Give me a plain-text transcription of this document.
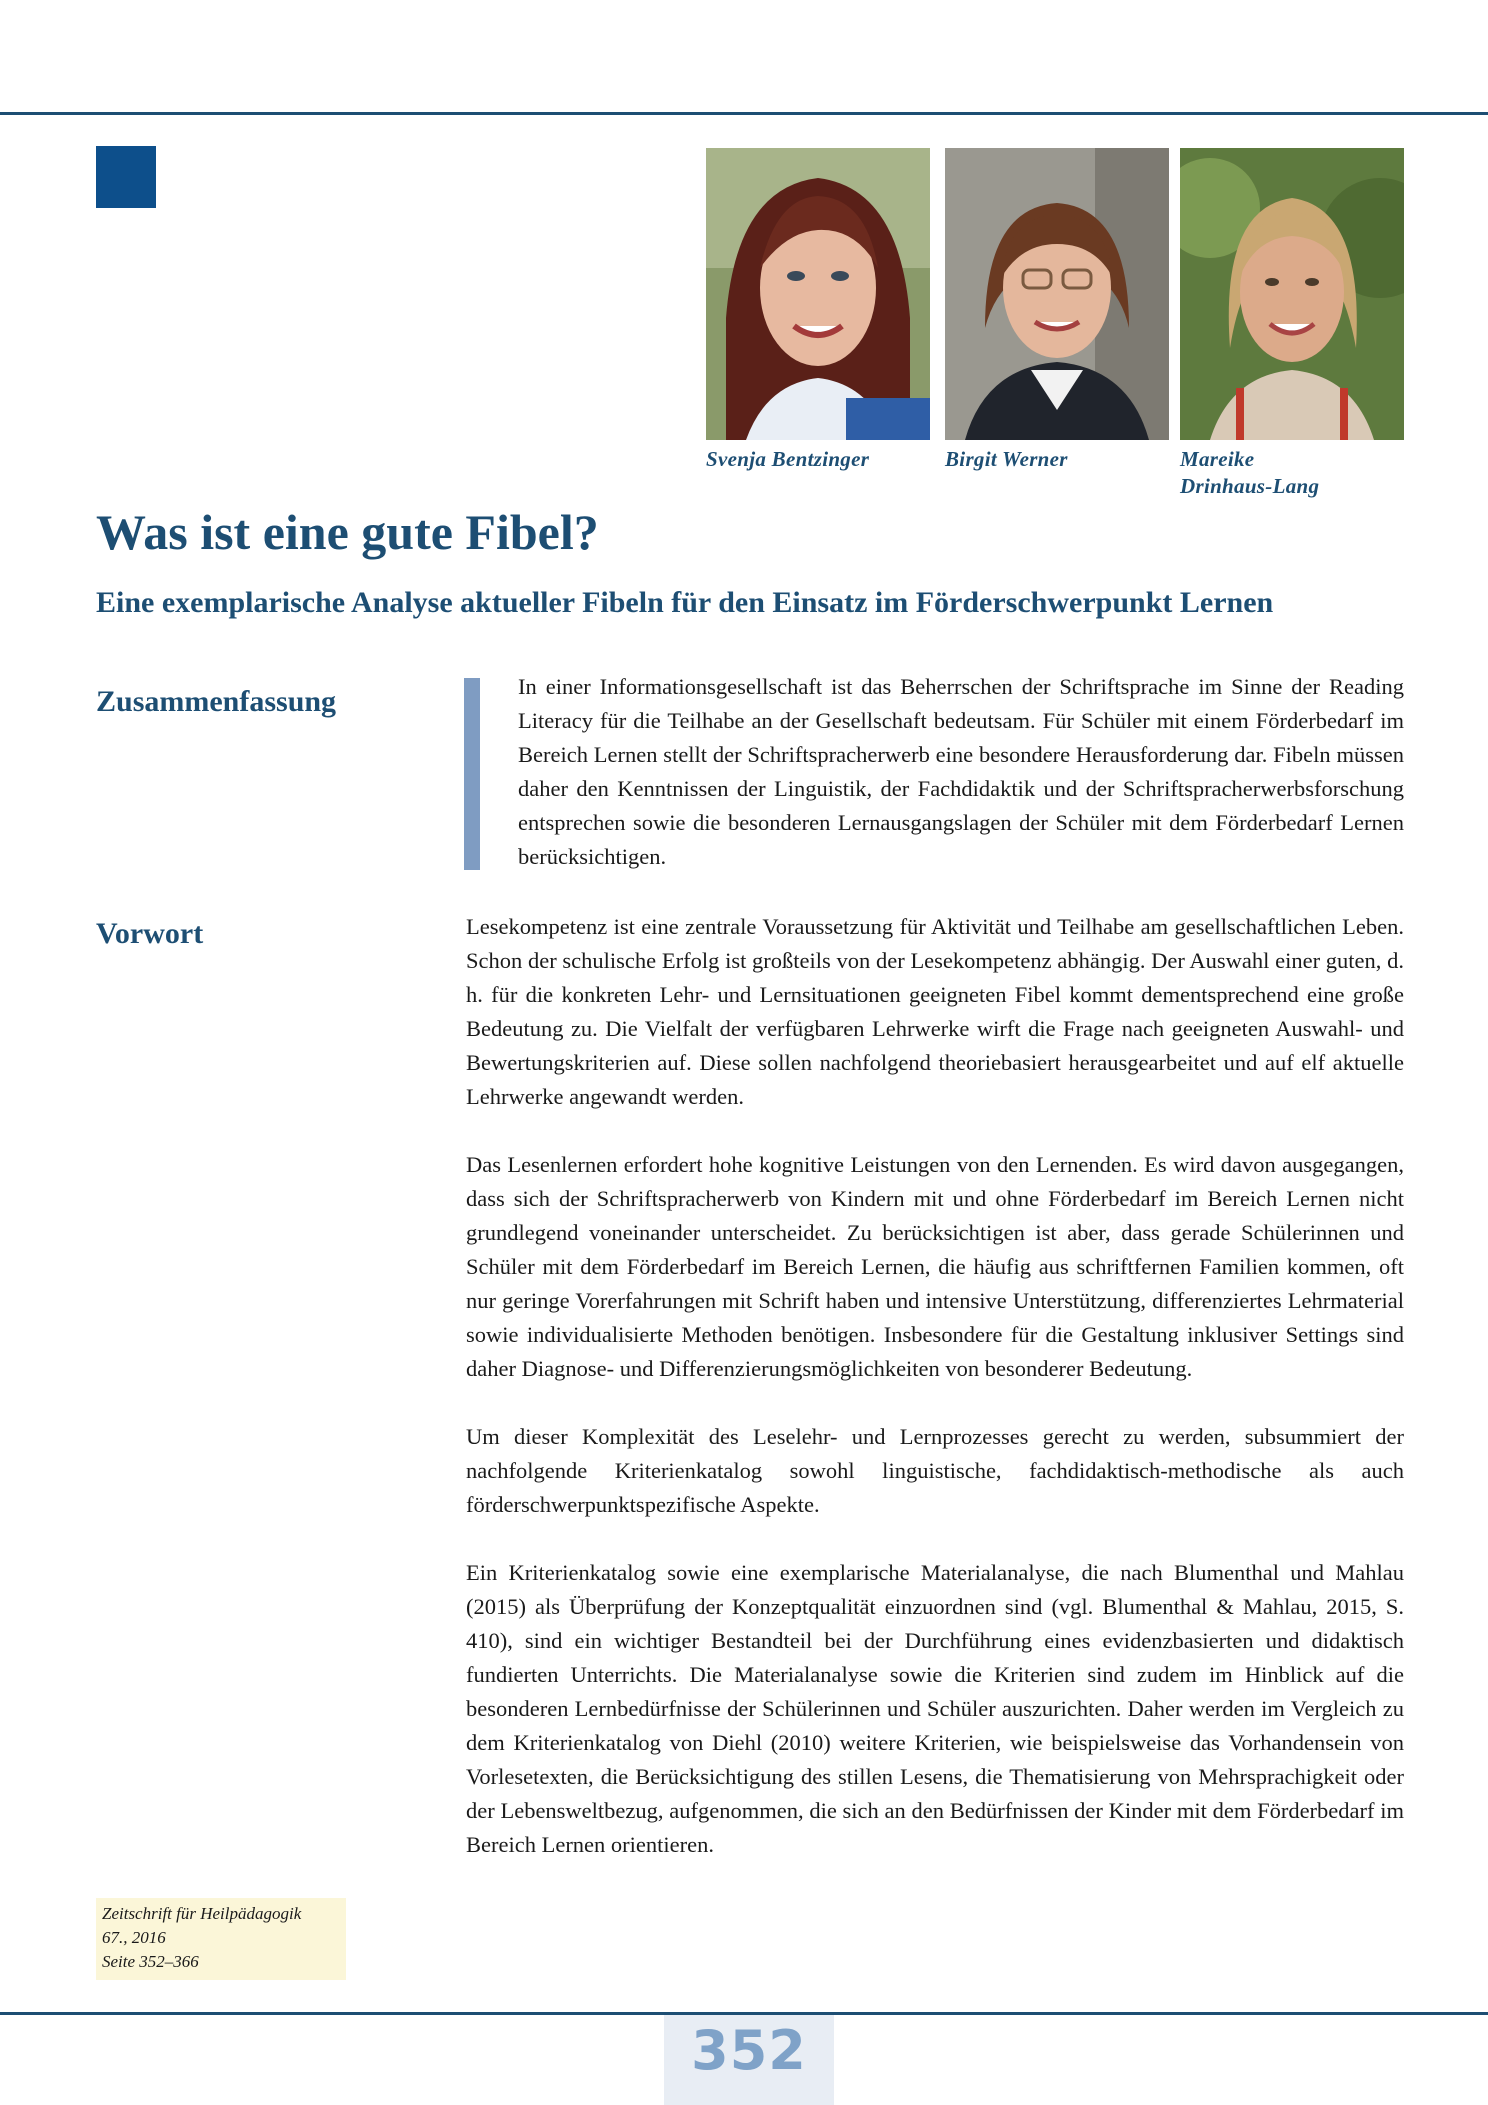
Svenja Bentzinger	Birgit Werner	Mareike
Drinhaus-Lang
Was ist eine gute Fibel?
Eine exemplarische Analyse aktueller Fibeln für den Einsatz im Förderschwerpunkt Lernen
Zusammenfassung	In einer Informationsgesellschaft ist das Beherrschen der Schriftsprache im Sinne der Reading Literacy für die Teilhabe an der Gesellschaft bedeutsam. Für Schüler mit einem Förderbedarf im Bereich Lernen stellt der Schriftspracherwerb eine besondere Herausforderung dar. Fibeln müssen daher den Kenntnissen der Linguistik, der Fachdidaktik und der Schriftspracherwerbsforschung entsprechen sowie die besonderen Lernausgangslagen der Schüler mit dem Förderbedarf Lernen berücksichtigen.

Vorwort	Lesekompetenz ist eine zentrale Voraussetzung für Aktivität und Teilhabe am gesellschaftlichen Leben. Schon der schulische Erfolg ist großteils von der Lesekompetenz abhängig. Der Auswahl einer guten, d. h. für die konkreten Lehr- und Lernsituationen geeigneten Fibel kommt dementsprechend eine große Bedeutung zu. Die Vielfalt der verfügbaren Lehrwerke wirft die Frage nach geeigneten Auswahl- und Bewertungskriterien auf. Diese sollen nachfolgend theoriebasiert herausgearbeitet und auf elf aktuelle Lehrwerke angewandt werden.

Das Lesenlernen erfordert hohe kognitive Leistungen von den Lernenden. Es wird davon ausgegangen, dass sich der Schriftspracherwerb von Kindern mit und ohne Förderbedarf im Bereich Lernen nicht grundlegend voneinander unterscheidet. Zu berücksichtigen ist aber, dass gerade Schülerinnen und Schüler mit dem Förderbedarf im Bereich Lernen, die häufig aus schriftfernen Familien kommen, oft nur geringe Vorerfahrungen mit Schrift haben und intensive Unterstützung, differenziertes Lehrmaterial sowie individualisierte Methoden benötigen. Insbesondere für die Gestaltung inklusiver Settings sind daher Diagnose- und Differenzierungsmöglichkeiten von besonderer Bedeutung.

Um dieser Komplexität des Leselehr- und Lernprozesses gerecht zu werden, subsummiert der nachfolgende Kriterienkatalog sowohl linguistische, fachdidaktisch-methodische als auch förderschwerpunktspezifische Aspekte.

Ein Kriterienkatalog sowie eine exemplarische Materialanalyse, die nach Blumenthal und Mahlau (2015) als Überprüfung der Konzeptqualität einzuordnen sind (vgl. Blumenthal & Mahlau, 2015, S. 410), sind ein wichtiger Bestandteil bei der Durchführung eines evidenzbasierten und didaktisch fundierten Unterrichts. Die Materialanalyse sowie die Kriterien sind zudem im Hinblick auf die besonderen Lernbedürfnisse der Schülerinnen und Schüler auszurichten. Daher werden im Vergleich zu dem Kriterienkatalog von Diehl (2010) weitere Kriterien, wie beispielsweise das Vorhandensein von Vorlesetexten, die Berücksichtigung des stillen Lesens, die Thematisierung von Mehrsprachigkeit oder der Lebensweltbezug, aufgenommen, die sich an den Bedürfnissen der Kinder mit dem Förderbedarf im Bereich Lernen orientieren.

Zeitschrift für Heilpädagogik
67., 2016
Seite 352–366
352
